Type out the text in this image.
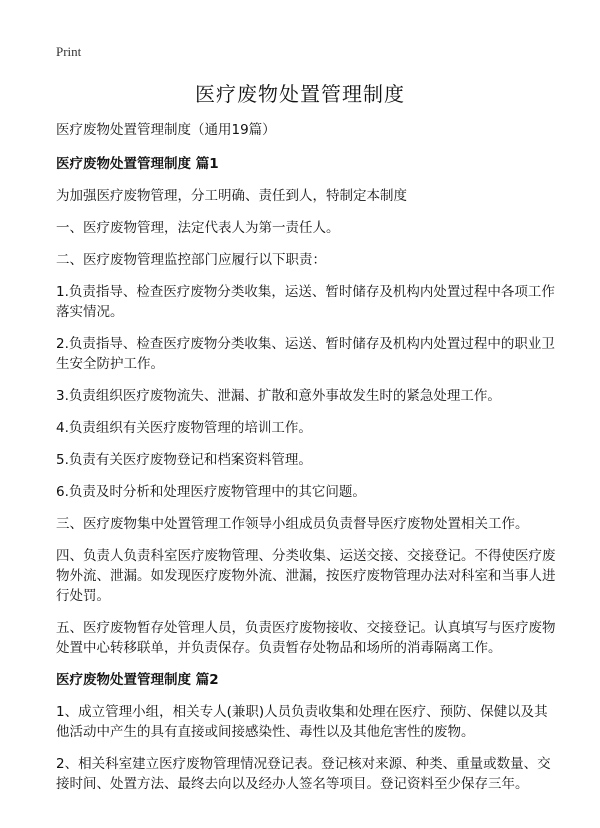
Print
医疗废物处置管理制度

医疗废物处置管理制度（通用19篇）

医疗废物处置管理制度 篇1

为加强医疗废物管理，分工明确、责任到人，特制定本制度

一、医疗废物管理，法定代表人为第一责任人。

二、医疗废物管理监控部门应履行以下职责：

1.负责指导、检查医疗废物分类收集，运送、暂时储存及机构内处置过程中各项工作落实情况。

2.负责指导、检查医疗废物分类收集、运送、暂时储存及机构内处置过程中的职业卫生安全防护工作。

3.负责组织医疗废物流失、泄漏、扩散和意外事故发生时的紧急处理工作。

4.负责组织有关医疗废物管理的培训工作。

5.负责有关医疗废物登记和档案资料管理。

6.负责及时分析和处理医疗废物管理中的其它问题。

三、医疗废物集中处置管理工作领导小组成员负责督导医疗废物处置相关工作。

四、负责人负责科室医疗废物管理、分类收集、运送交接、交接登记。不得使医疗废物外流、泄漏。如发现医疗废物外流、泄漏，按医疗废物管理办法对科室和当事人进行处罚。

五、医疗废物暂存处管理人员，负责医疗废物接收、交接登记。认真填写与医疗废物处置中心转移联单，并负责保存。负责暂存处物品和场所的消毒隔离工作。

医疗废物处置管理制度 篇2

1、成立管理小组，相关专人(兼职)人员负责收集和处理在医疗、预防、保健以及其他活动中产生的具有直接或间接感染性、毒性以及其他危害性的废物。

2、相关科室建立医疗废物管理情况登记表。登记核对来源、种类、重量或数量、交接时间、处置方法、最终去向以及经办人签名等项目。登记资料至少保存三年。
